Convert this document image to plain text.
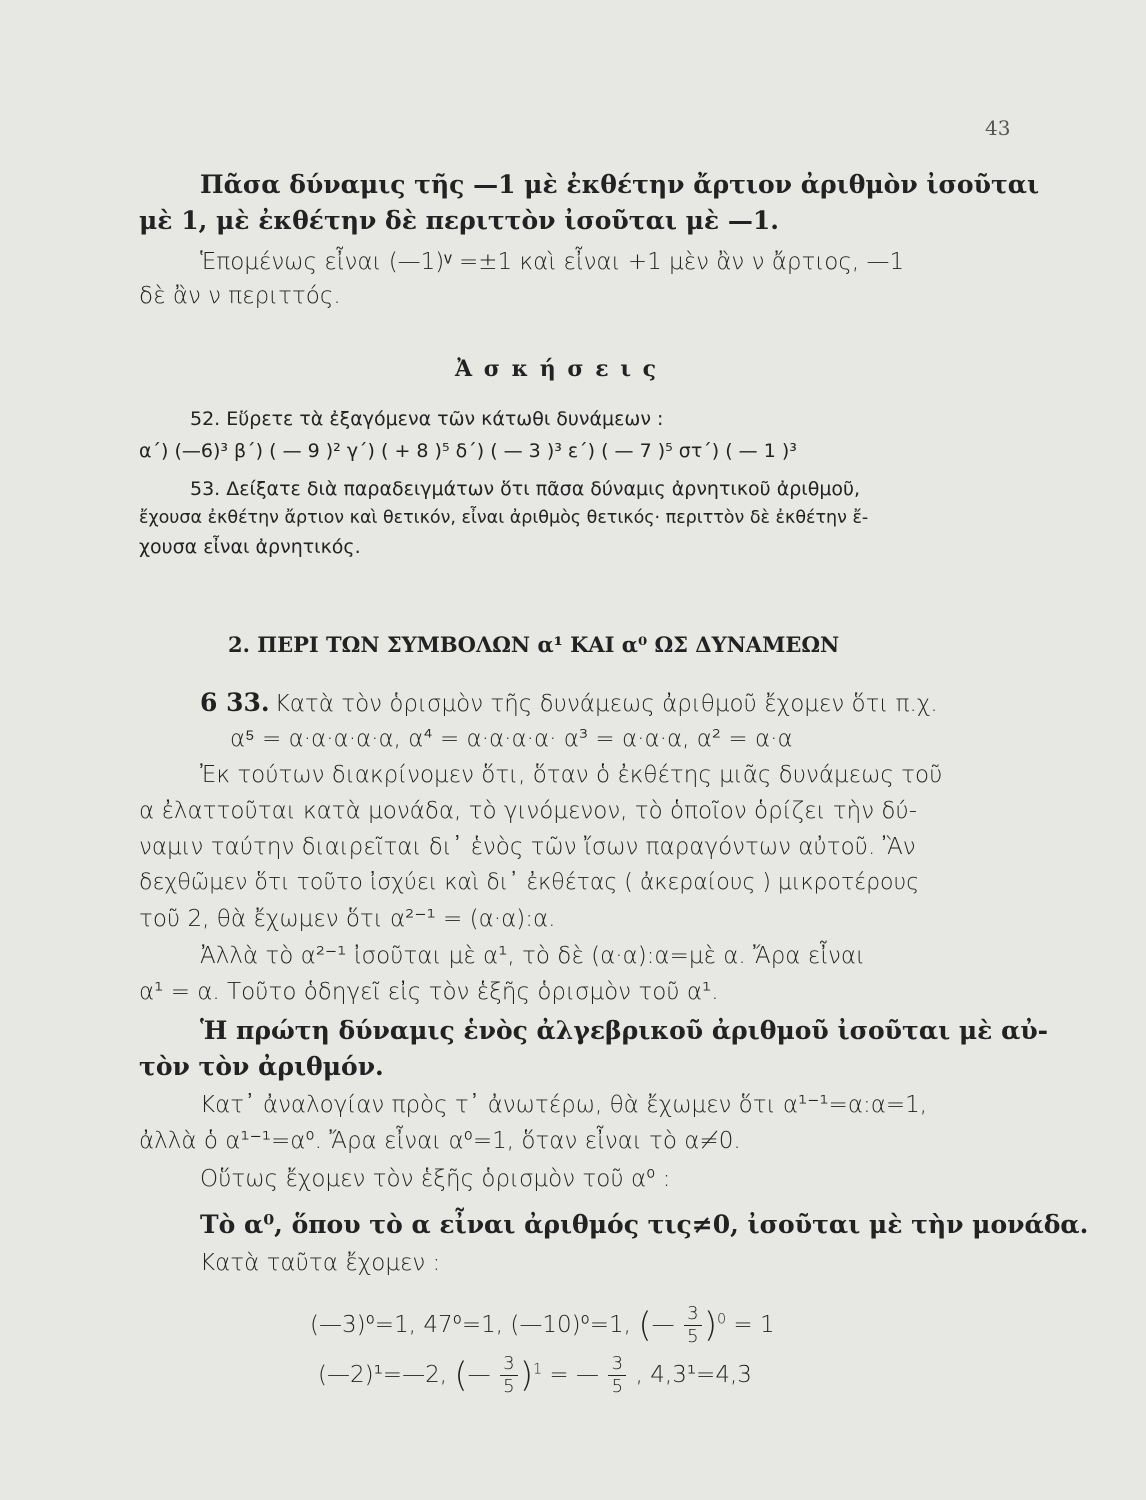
43
Πᾶσα δύναμις τῆς —1 μὲ ἐκθέτην ἄρτιον ἀριθμὸν ἰσοῦται
μὲ 1, μὲ ἐκθέτην δὲ περιττὸν ἰσοῦται μὲ —1.
Ἑπομένως εἶναι (—1)ᵛ =±1 καὶ εἶναι +1 μὲν ἂν ν ἄρτιος, —1
δὲ ἂν ν περιττός.
Ἀ σ κ ή σ ε ι ς
52. Εὕρετε τὰ ἐξαγόμενα τῶν κάτωθι δυνάμεων :
α΄) (—6)³ β΄) ( — 9 )² γ΄) ( + 8 )⁵ δ΄) ( — 3 )³ ε΄) ( — 7 )⁵ στ΄) ( — 1 )³
53. Δείξατε διὰ παραδειγμάτων ὅτι πᾶσα δύναμις ἀρνητικοῦ ἀριθμοῦ,
ἔχουσα ἐκθέτην ἄρτιον καὶ θετικόν, εἶναι ἀριθμὸς θετικός· περιττὸν δὲ ἐκθέτην ἔ-
χουσα εἶναι ἀρνητικός.
2. ΠΕΡΙ ΤΩΝ ΣΥΜΒΟΛΩΝ α¹ ΚΑΙ α⁰ ΩΣ ΔΥΝΑΜΕΩΝ
6 33. Κατὰ τὸν ὁρισμὸν τῆς δυνάμεως ἀριθμοῦ ἔχομεν ὅτι π.χ.
α⁵ = α·α·α·α·α, α⁴ = α·α·α·α· α³ = α·α·α, α² = α·α
Ἐκ τούτων διακρίνομεν ὅτι, ὅταν ὁ ἐκθέτης μιᾶς δυνάμεως τοῦ
α ἐλαττοῦται κατὰ μονάδα, τὸ γινόμενον, τὸ ὁποῖον ὁρίζει τὴν δύ-
ναμιν ταύτην διαιρεῖται δι᾽ ἑνὸς τῶν ἴσων παραγόντων αὐτοῦ. Ἂν
δεχθῶμεν ὅτι τοῦτο ἰσχύει καὶ δι᾽ ἐκθέτας ( ἀκεραίους ) μικροτέρους
τοῦ 2, θὰ ἔχωμεν ὅτι α²⁻¹ = (α·α):α.
Ἀλλὰ τὸ α²⁻¹ ἰσοῦται μὲ α¹, τὸ δὲ (α·α):α=μὲ α. Ἄρα εἶναι
α¹ = α. Τοῦτο ὁδηγεῖ εἰς τὸν ἑξῆς ὁρισμὸν τοῦ α¹.
Ἡ πρώτη δύναμις ἑνὸς ἀλγεβρικοῦ ἀριθμοῦ ἰσοῦται μὲ αὐ-
τὸν τὸν ἀριθμόν.
Κατ᾽ ἀναλογίαν πρὸς τ᾽ ἀνωτέρω, θὰ ἔχωμεν ὅτι α¹⁻¹=α:α=1,
ἀλλὰ ὁ α¹⁻¹=α⁰. Ἄρα εἶναι α⁰=1, ὅταν εἶναι τὸ α≠0.
Οὕτως ἔχομεν τὸν ἑξῆς ὁρισμὸν τοῦ α⁰ :
Τὸ α⁰, ὅπου τὸ α εἶναι ἀριθμός τις≠0, ἰσοῦται μὲ τὴν μονάδα.
Κατὰ ταῦτα ἔχομεν :
(—3)⁰=1, 47⁰=1, (—10)⁰=1, (— $\frac{3}{5} )^0 = 1$
(—2)¹=—2, (— $\frac{3}{5} )^1$ = — $\frac{3}{5}$ , 4,3¹=4,3
